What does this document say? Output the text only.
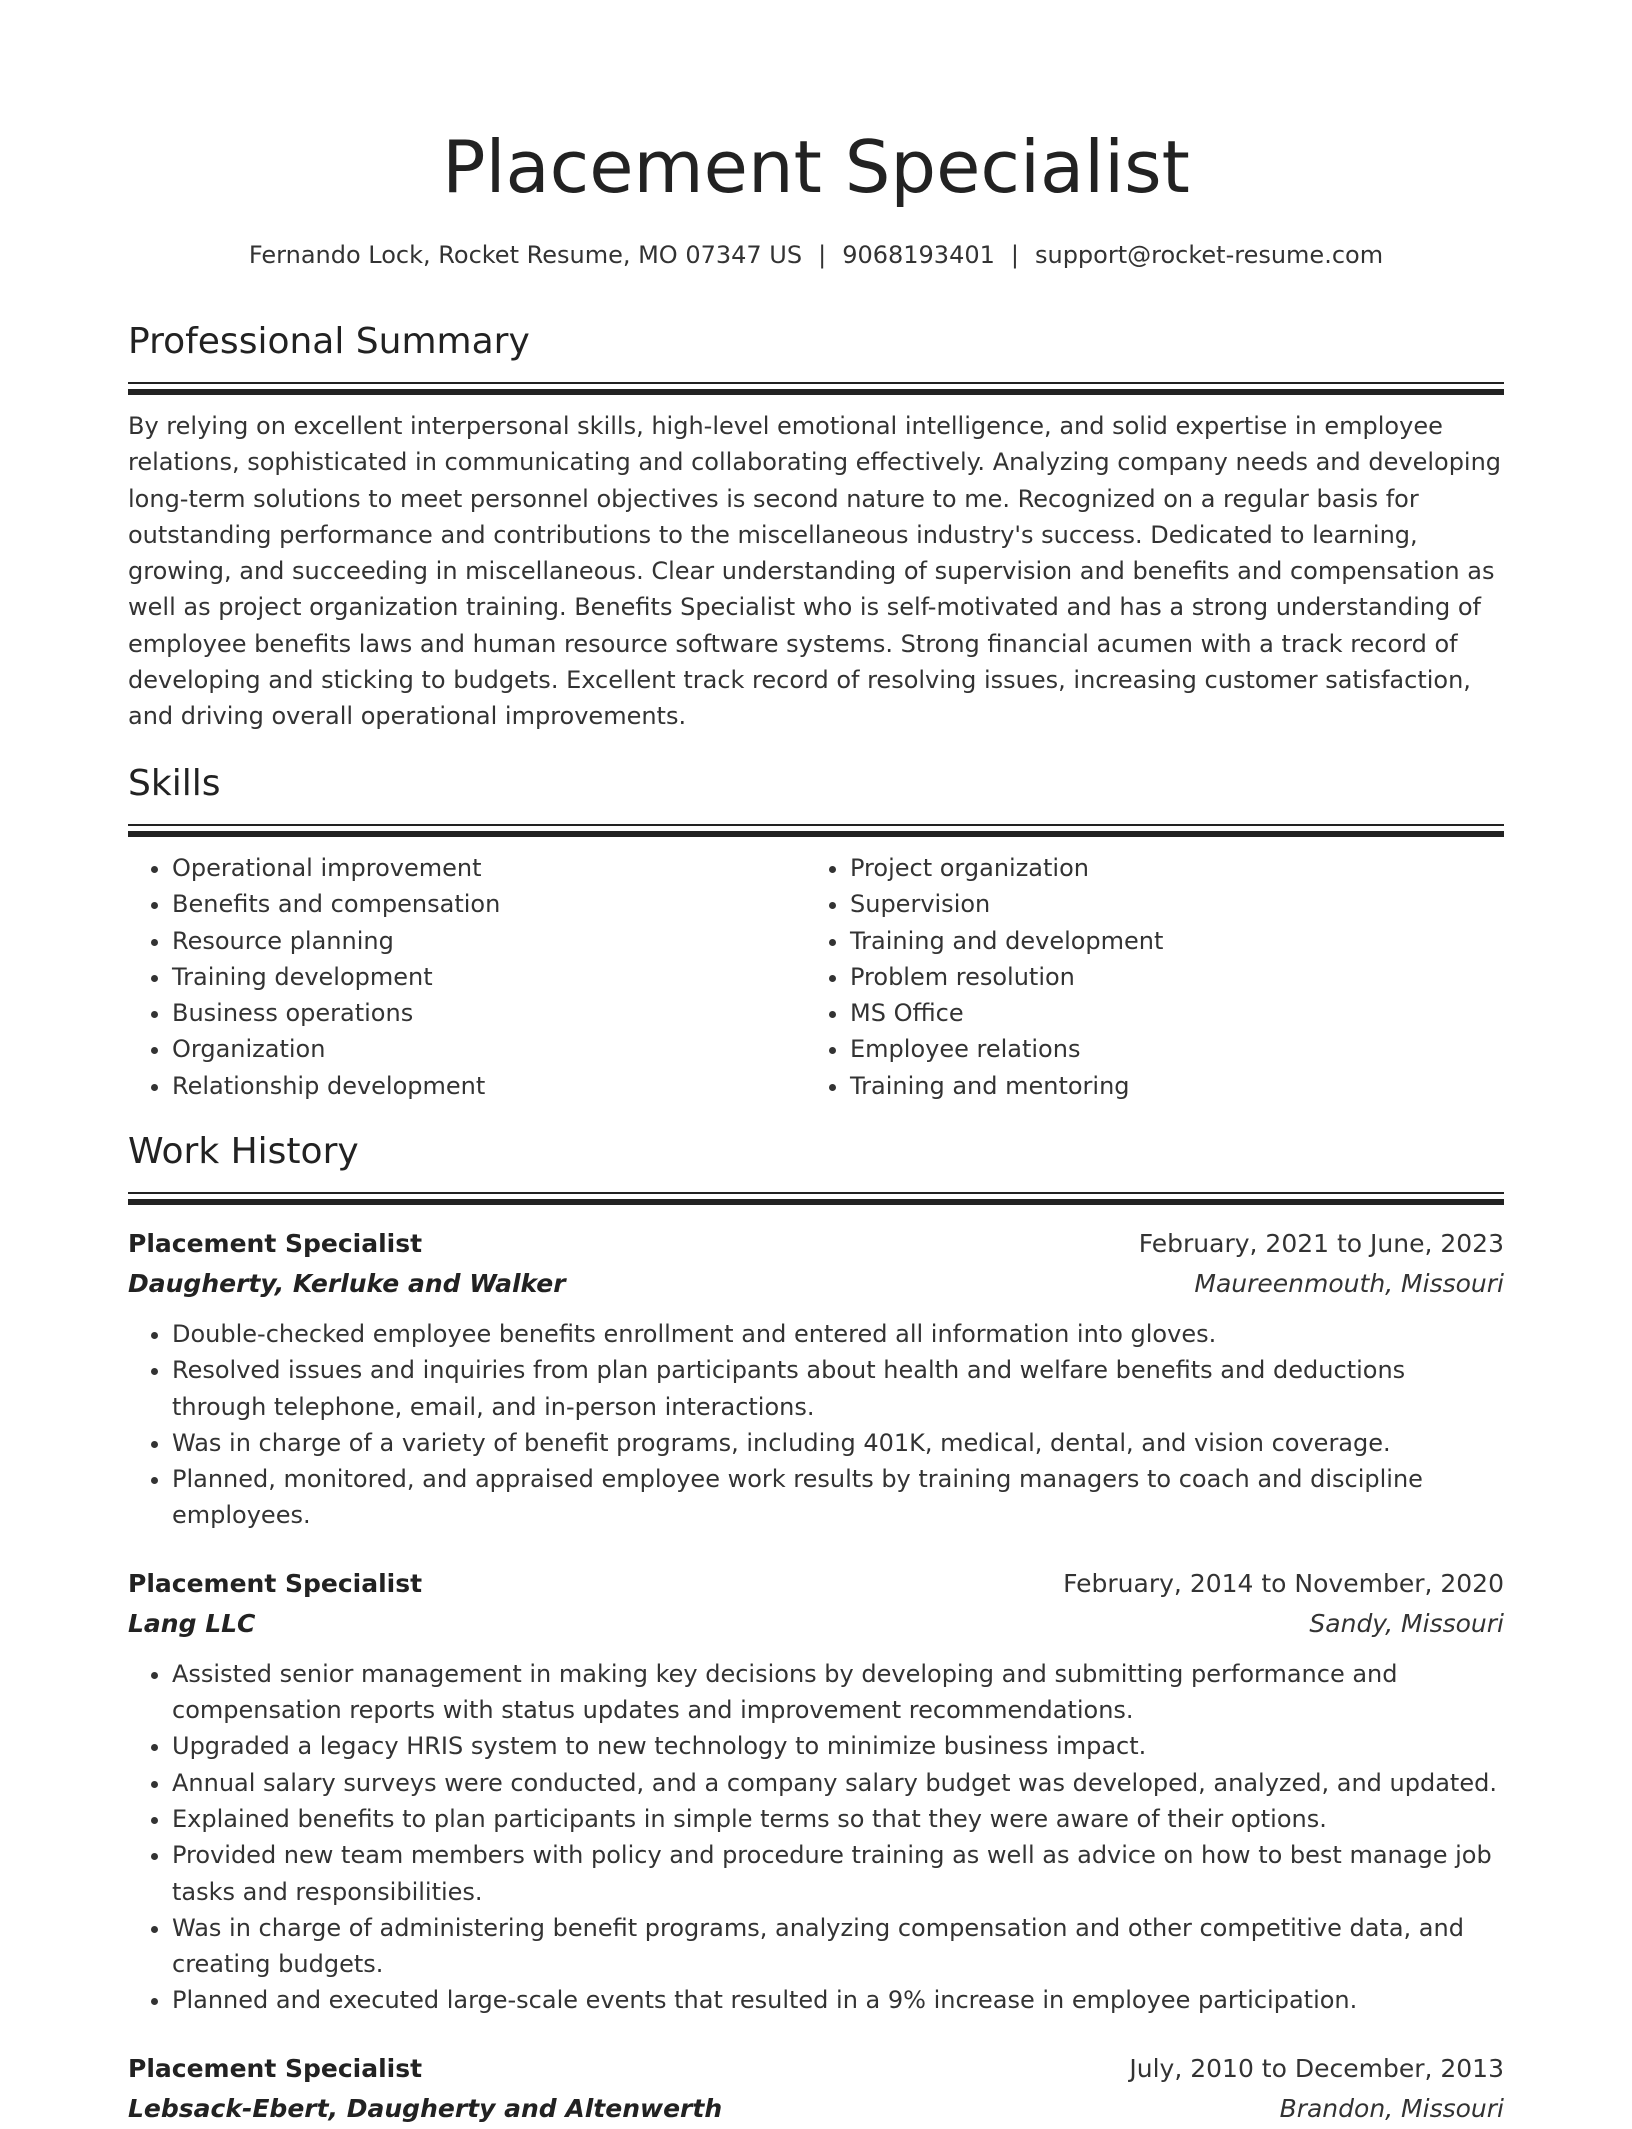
Placement Specialist
Fernando Lock, Rocket Resume, MO 07347 US | 9068193401 | support@rocket-resume.com
Professional Summary
By relying on excellent interpersonal skills, high-level emotional intelligence, and solid expertise in employee relations, sophisticated in communicating and collaborating effectively. Analyzing company needs and developing long-term solutions to meet personnel objectives is second nature to me. Recognized on a regular basis for outstanding performance and contributions to the miscellaneous industry's success. Dedicated to learning, growing, and succeeding in miscellaneous. Clear understanding of supervision and benefits and compensation as well as project organization training. Benefits Specialist who is self-motivated and has a strong understanding of employee benefits laws and human resource software systems. Strong financial acumen with a track record of developing and sticking to budgets. Excellent track record of resolving issues, increasing customer satisfaction, and driving overall operational improvements.
Skills
• Operational improvement
• Benefits and compensation
• Resource planning
• Training development
• Business operations
• Organization
• Relationship development
• Project organization
• Supervision
• Training and development
• Problem resolution
• MS Office
• Employee relations
• Training and mentoring
Work History
Placement Specialist	February, 2021 to June, 2023
Daugherty, Kerluke and Walker	Maureenmouth, Missouri
• Double-checked employee benefits enrollment and entered all information into gloves.
• Resolved issues and inquiries from plan participants about health and welfare benefits and deductions through telephone, email, and in-person interactions.
• Was in charge of a variety of benefit programs, including 401K, medical, dental, and vision coverage.
• Planned, monitored, and appraised employee work results by training managers to coach and discipline employees.
Placement Specialist	February, 2014 to November, 2020
Lang LLC	Sandy, Missouri
• Assisted senior management in making key decisions by developing and submitting performance and compensation reports with status updates and improvement recommendations.
• Upgraded a legacy HRIS system to new technology to minimize business impact.
• Annual salary surveys were conducted, and a company salary budget was developed, analyzed, and updated.
• Explained benefits to plan participants in simple terms so that they were aware of their options.
• Provided new team members with policy and procedure training as well as advice on how to best manage job tasks and responsibilities.
• Was in charge of administering benefit programs, analyzing compensation and other competitive data, and creating budgets.
• Planned and executed large-scale events that resulted in a 9% increase in employee participation.
Placement Specialist	July, 2010 to December, 2013
Lebsack-Ebert, Daugherty and Altenwerth	Brandon, Missouri
